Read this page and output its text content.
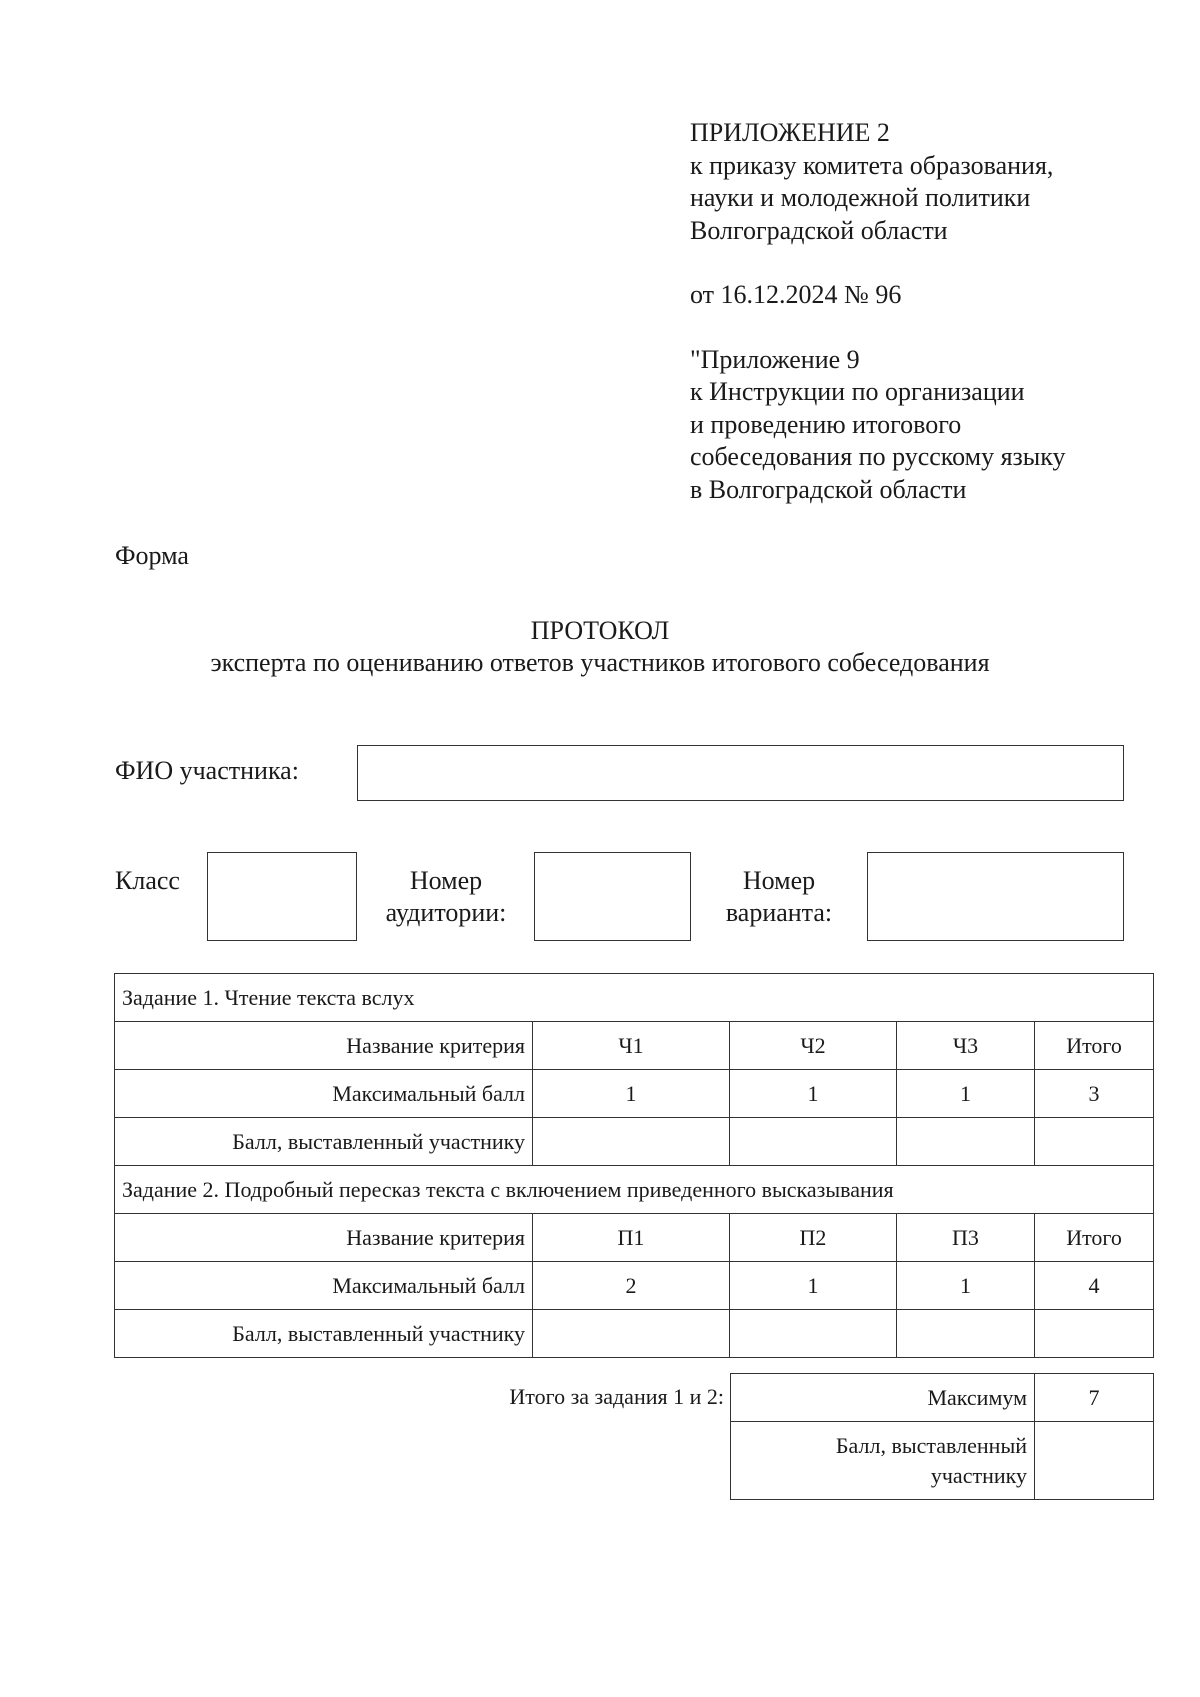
ПРИЛОЖЕНИЕ 2
к приказу комитета образования,
науки и молодежной политики
Волгоградской области
от 16.12.2024 № 96
"Приложение 9
к Инструкции по организации
и проведению итогового
собеседования по русскому языку
в Волгоградской области
Форма
ПРОТОКОЛ
эксперта по оцениванию ответов участников итогового собеседования
ФИО участника:
Класс	Номер
аудитории:
Номер
варианта:
Задание 1. Чтение текста вслух				
Название критерия	Ч1	Ч2	Ч3	Итого
Максимальный балл	1	1	1	3
Балл, выставленный участнику				
Задание 2. Подробный пересказ текста с включением приведенного высказывания				
Название критерия	П1	П2	П3	Итого
Максимальный балл	2	1	1	4
Балл, выставленный участнику				
Итого за задания 1 и 2:	Максимум	7

Балл, выставленный
участнику	
